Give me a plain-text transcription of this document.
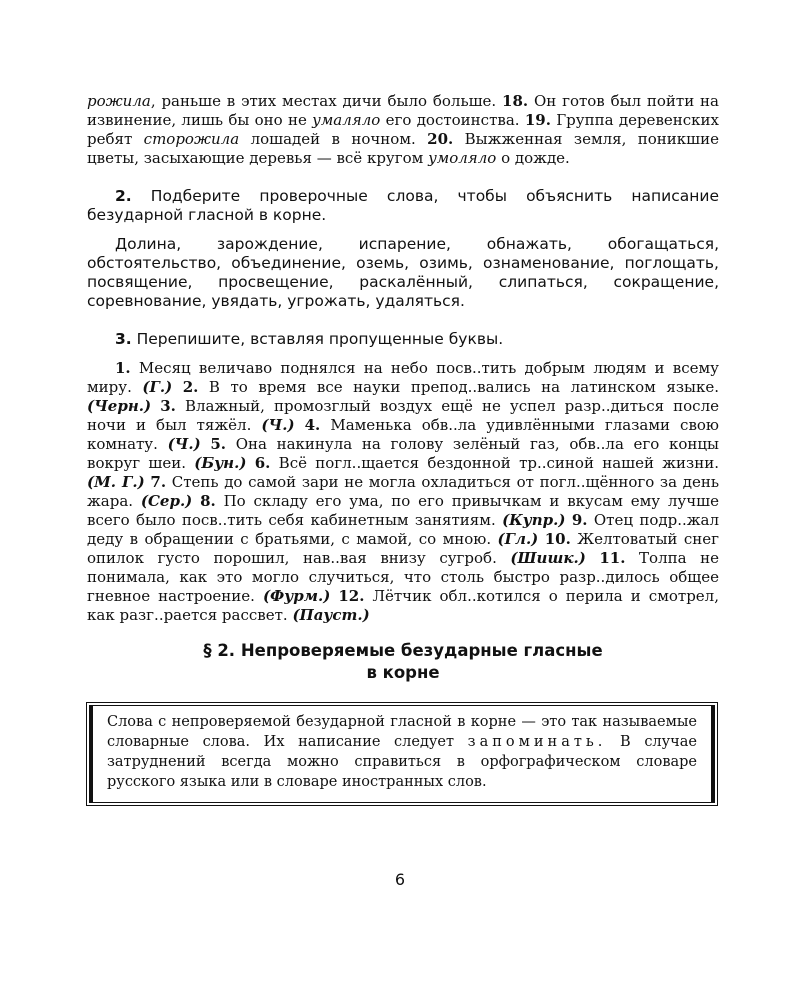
рожила, раньше в этих местах дичи было больше. 18. Он готов был пойти на извинение, лишь бы оно не умаляло его достоинства. 19. Группа деревенских ребят сторожила лошадей в ночном. 20. Выжженная земля, поникшие цветы, засыхающие деревья — всё кругом умоляло о дожде.

2. Подберите проверочные слова, чтобы объяснить написание безударной гласной в корне.

Долина, зарождение, испарение, обнажать, обогащаться, обстоятельство, объединение, оземь, озимь, ознаменование, поглощать, посвящение, просвещение, раскалённый, слипаться, сокращение, соревнование, увядать, угрожать, удаляться.

3. Перепишите, вставляя пропущенные буквы.

1. Месяц величаво поднялся на небо посв..тить добрым людям и всему миру. (Г.) 2. В то время все науки препод..вались на латинском языке. (Черн.) 3. Влажный, промозглый воздух ещё не успел разр..диться после ночи и был тяжёл. (Ч.) 4. Маменька обв..ла удивлёнными глазами свою комнату. (Ч.) 5. Она накинула на голову зелёный газ, обв..ла его концы вокруг шеи. (Бун.) 6. Всё погл..щается бездонной тр..синой нашей жизни. (М. Г.) 7. Степь до самой зари не могла охладиться от погл..щённого за день жара. (Сер.) 8. По складу его ума, по его привычкам и вкусам ему лучше всего было посв..тить себя кабинетным занятиям. (Купр.) 9. Отец подр..жал деду в обращении с братьями, с мамой, со мною. (Гл.) 10. Желтоватый снег опилок густо порошил, нав..вая внизу сугроб. (Шишк.) 11. Толпа не понимала, как это могло случиться, что столь быстро разр..дилось общее гневное настроение. (Фурм.) 12. Лётчик обл..котился о перила и смотрел, как разг..рается рассвет. (Пауст.)

§ 2. Непроверяемые безударные гласные

в корне

Слова с непроверяемой безударной гласной в корне — это так называемые словарные слова. Их написание следует запоминать. В случае затруднений всегда можно справиться в орфографическом словаре русского языка или в словаре иностранных слов.
6
